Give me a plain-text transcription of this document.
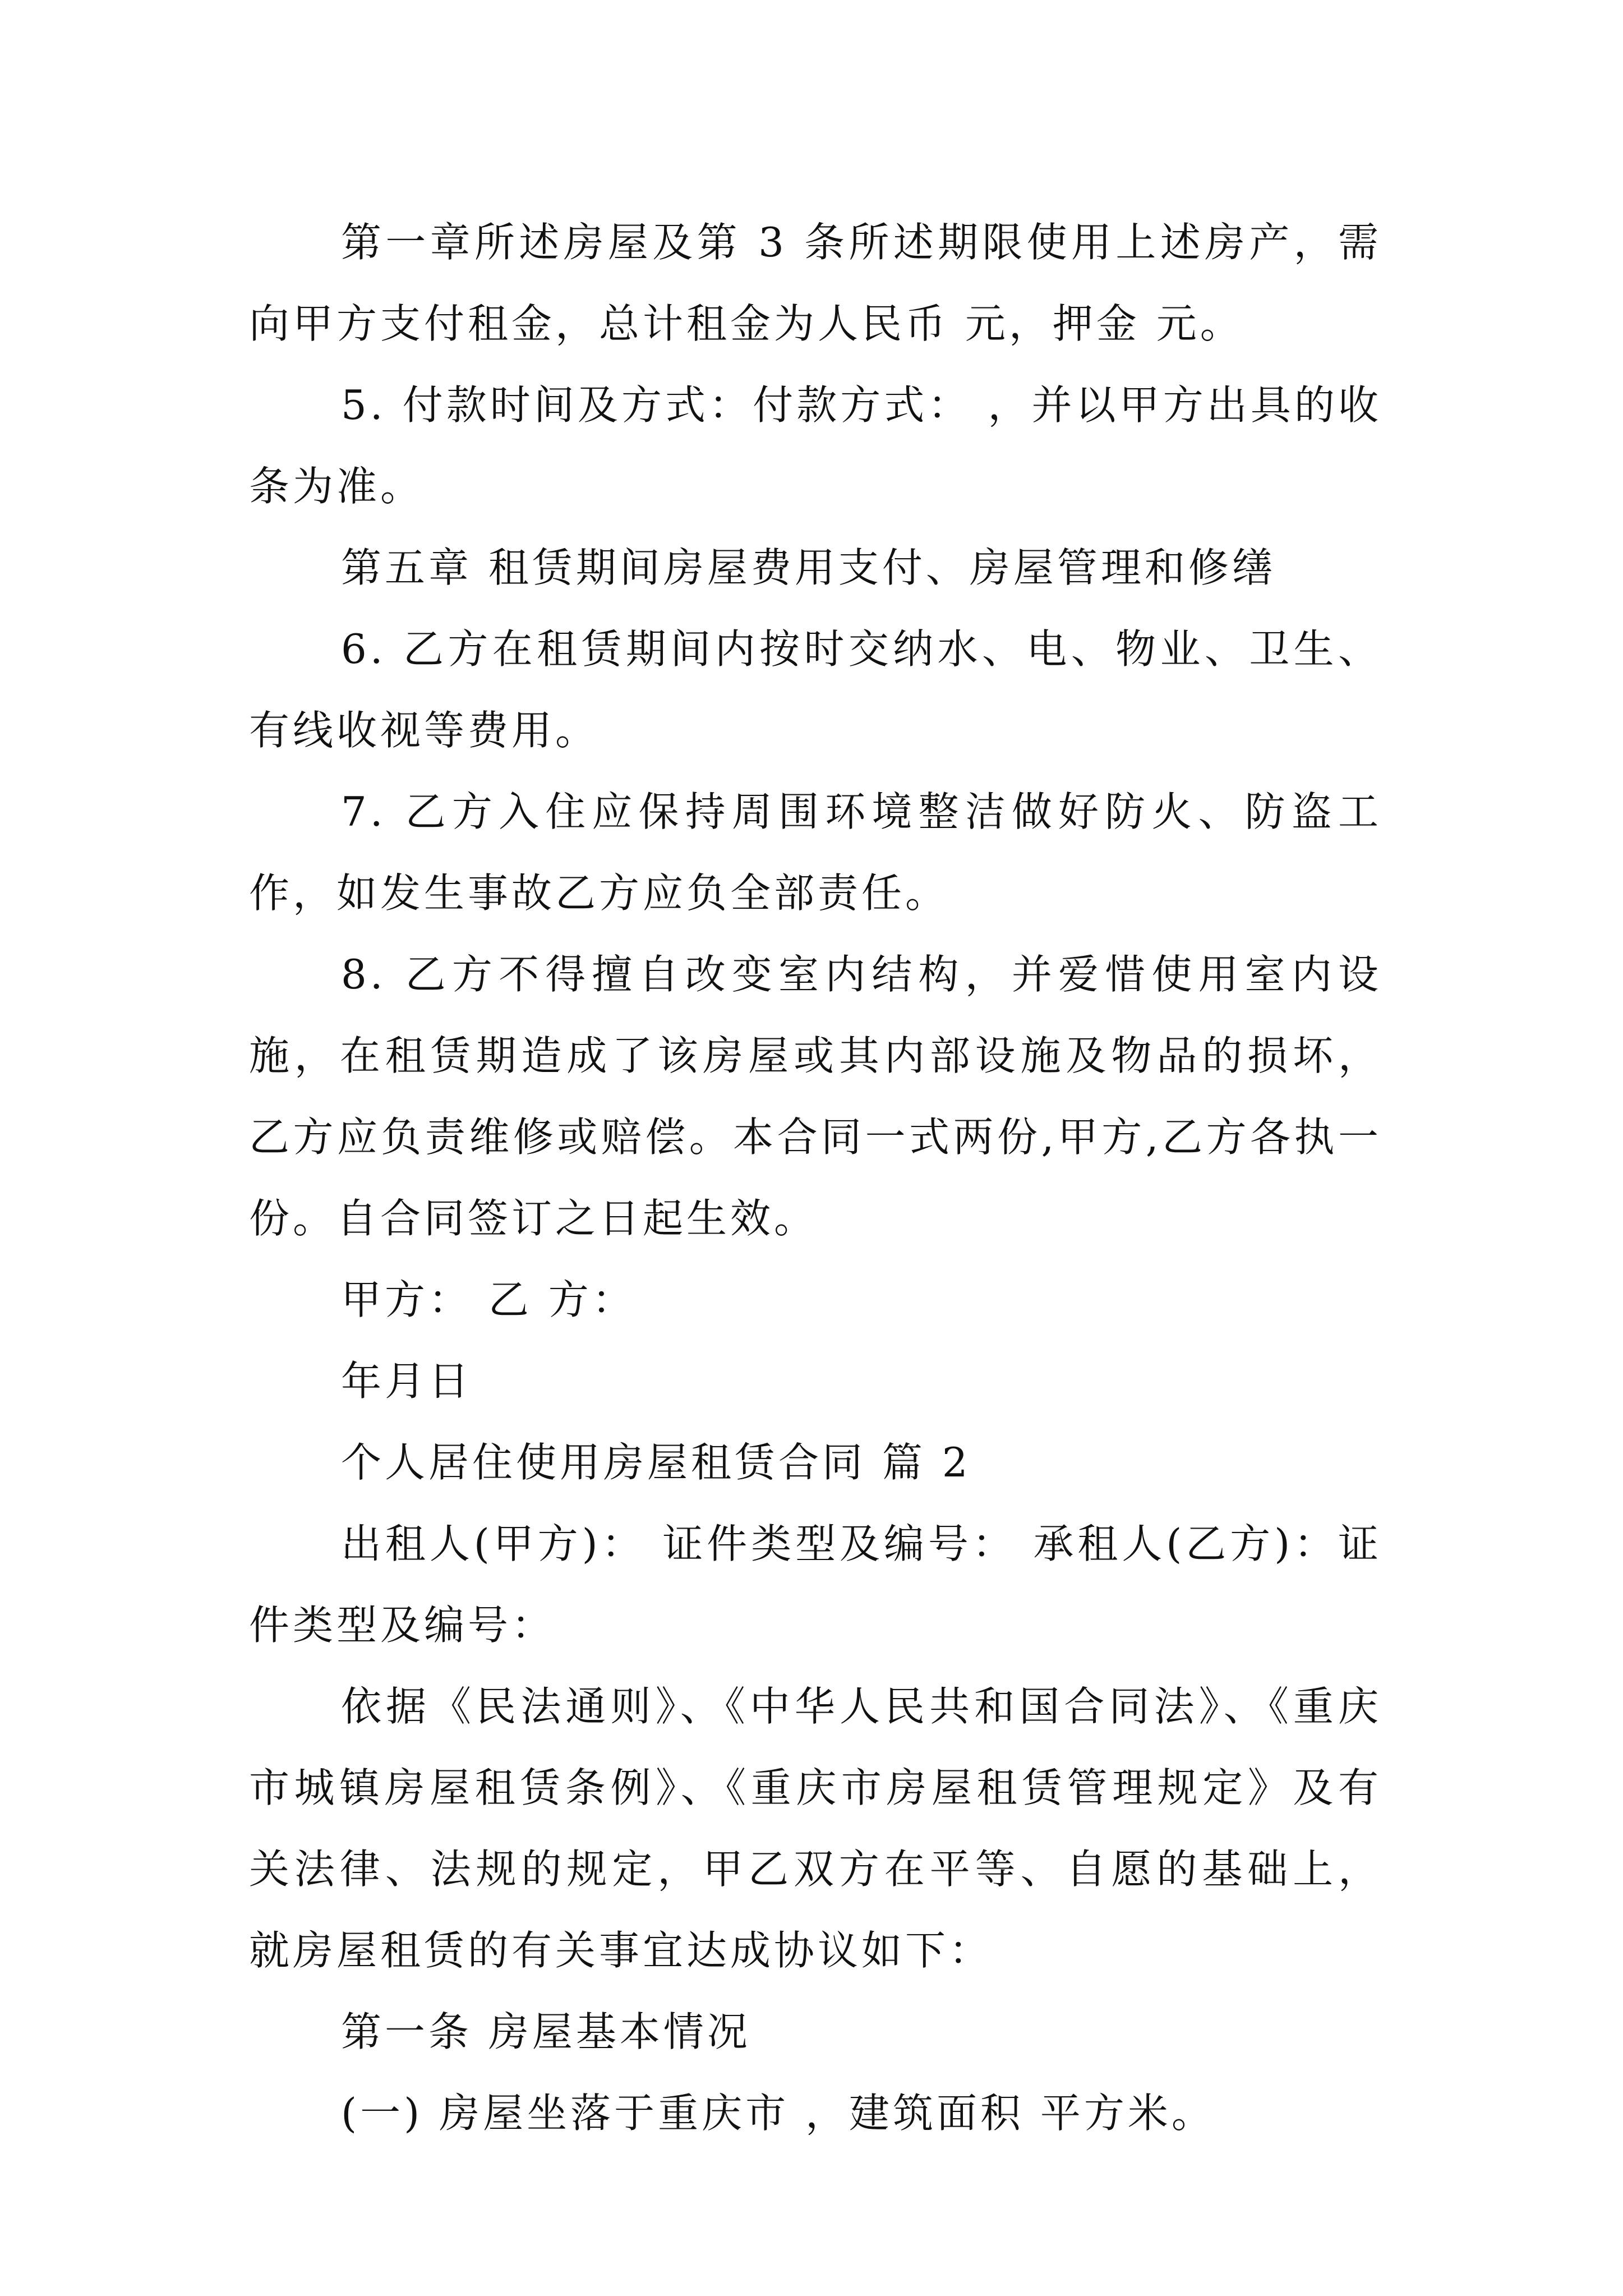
第一章所述房屋及第 3 条所述期限使用上述房产，需向甲方支付租金，总计租金为人民币 元，押金 元。

5. 付款时间及方式：付款方式： ，并以甲方出具的收条为准。

第五章 租赁期间房屋费用支付、房屋管理和修缮

6. 乙方在租赁期间内按时交纳水、电、物业、卫生、有线收视等费用。

7. 乙方入住应保持周围环境整洁做好防火、防盗工作，如发生事故乙方应负全部责任。

8. 乙方不得擅自改变室内结构，并爱惜使用室内设施，在租赁期造成了该房屋或其内部设施及物品的损坏，乙方应负责维修或赔偿。本合同一式两份,甲方,乙方各执一份。自合同签订之日起生效。

甲方： 乙 方：

年月日

个人居住使用房屋租赁合同 篇 2

出租人(甲方)： 证件类型及编号： 承租人(乙方)：证件类型及编号：

依据《民法通则》、《中华人民共和国合同法》、《重庆市城镇房屋租赁条例》、《重庆市房屋租赁管理规定》及有关法律、法规的规定，甲乙双方在平等、自愿的基础上，就房屋租赁的有关事宜达成协议如下：

第一条 房屋基本情况

(一) 房屋坐落于重庆市 ，建筑面积 平方米。
